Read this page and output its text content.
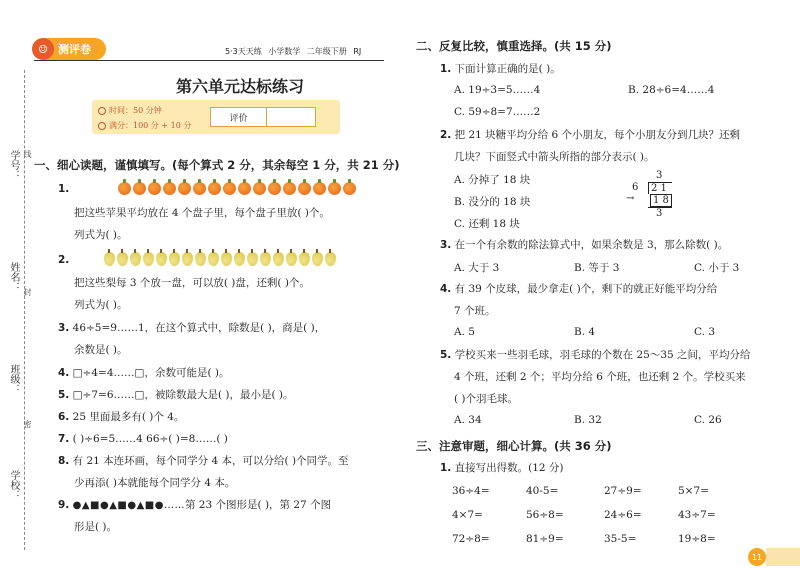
学号：
姓名：
班级：
学校：
线
封
密
☺ 测评卷	5·3天天练 小学数学 二年级下册 RJ
第六单元达标练习
时间：50 分钟
满分：100 分 + 10 分
评价
一、细心读题，谨慎填写。(每个算式 2 分，其余每空 1 分，共 21 分)
1.
把这些苹果平均放在 4 个盘子里，每个盘子里放( )个。
列式为( )。
2.
把这些梨每 3 个放一盘，可以放( )盘，还剩( )个。
列式为( )。
3. 46÷5=9……1，在这个算式中，除数是( )，商是( )，
余数是( )。
4. □÷4=4……□，余数可能是( )。
5. □÷7=6……□，被除数最大是( )，最小是( )。
6. 25 里面最多有( )个 4。
7. ( )÷6=5……4 66÷( )=8……( )
8. 有 21 本连环画，每个同学分 4 本，可以分给( )个同学。至
少再添( )本就能每个同学分 4 本。
9. ●▲■●▲■●▲■●……第 23 个图形是( )，第 27 个图
形是( )。
二、反复比较，慎重选择。(共 15 分)
1. 下面计算正确的是( )。
A. 19÷3=5……4	B. 28÷6=4……4
C. 59÷8=7……2
2. 把 21 块糖平均分给 6 个小朋友，每个小朋友分到几块？还剩
几块？下面竖式中箭头所指的部分表示( )。
A. 分掉了 18 块
B. 没分的 18 块
C. 还剩 18 块
3
6	2 1
→	1 8
3
3. 在一个有余数的除法算式中，如果余数是 3，那么除数( )。
A. 大于 3	B. 等于 3	C. 小于 3
4. 有 39 个皮球，最少拿走( )个，剩下的就正好能平均分给
7 个班。
A. 5	B. 4	C. 3
5. 学校买来一些羽毛球，羽毛球的个数在 25～35 之间，平均分给
4 个班，还剩 2 个；平均分给 6 个班，也还剩 2 个。学校买来
( )个羽毛球。
A. 34	B. 32	C. 26
三、注意审题，细心计算。(共 36 分)
1. 直接写出得数。(12 分)
36÷4=	40-5=	27÷9=	5×7=
4×7=	56÷8=	24÷6=	43÷7=
72÷8=	81÷9=	35-5=	19÷8=
11
